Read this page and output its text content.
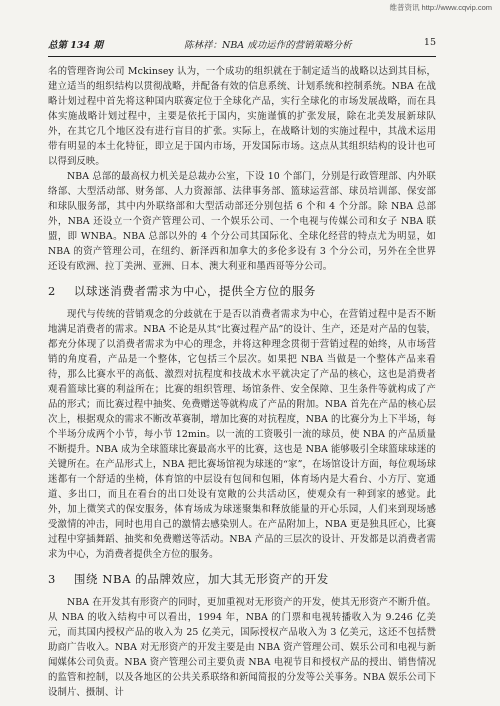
维普资讯 http://www.cqvip.com
总第 134 期	陈林祥：NBA 成功运作的营销策略分析	15

名的管理咨询公司 Mckinsey 认为，一个成功的组织就在于制定适当的战略以达到其目标，建立适当的组织结构以贯彻战略，并配备有效的信息系统、计划系统和控制系统。NBA 在战略计划过程中首先将这种国内联赛定位于全球化产品，实行全球化的市场发展战略，而在具体实施战略计划过程中，主要是依托于国内，实施谨慎的扩张发展，除在北美发展新球队外，在其它几个地区没有进行盲目的扩张。实际上，在战略计划的实施过程中，其战术运用带有明显的本土化特征，即立足于国内市场，开发国际市场。这点从其组织结构的设计也可以得到反映。

NBA 总部的最高权力机关是总裁办公室，下设 10 个部门，分别是行政管理部、内外联络部、大型活动部、财务部、人力资源部、法律事务部、篮球运营部、球员培训部、保安部和球队服务部，其中内外联络部和大型活动部还分别包括 6 个和 4 个分部。除 NBA 总部外，NBA 还设立一个资产管理公司、一个娱乐公司、一个电视与传媒公司和女子 NBA 联盟，即 WNBA。NBA 总部以外的 4 个分公司其国际化、全球化经营的特点尤为明显，如 NBA 的资产管理公司，在纽约、新泽西和加拿大的多伦多设有 3 个分公司，另外在全世界还设有欧洲、拉丁美洲、亚洲、日本、澳大利亚和墨西哥等分公司。

2 以球迷消费者需求为中心，提供全方位的服务

现代与传统的营销观念的分歧就在于是否以消费者需求为中心，在营销过程中是否不断地满足消费者的需求。NBA 不论是从其“比赛过程产品”的设计、生产，还是对产品的包装，都充分体现了以消费者需求为中心的理念，并将这种理念贯彻于营销过程的始终，从市场营销的角度看，产品是一个整体，它包括三个层次。如果把 NBA 当做是一个整体产品来看待，那么比赛水平的高低、激烈对抗程度和技战术水平就决定了产品的核心，这也是消费者观看篮球比赛的利益所在；比赛的组织管理、场馆条件、安全保障、卫生条件等就构成了产品的形式；而比赛过程中抽奖、免费赠送等就构成了产品的附加。NBA 首先在产品的核心层次上，根据观众的需求不断改革赛制，增加比赛的对抗程度，NBA 的比赛分为上下半场，每个半场分成两个小节，每小节 12min。以一流的工资吸引一流的球员，使 NBA 的产品质量不断提升。NBA 成为全球篮球比赛最高水平的比赛，这也是 NBA 能够吸引全球篮球球迷的关键所在。在产品形式上，NBA 把比赛场馆视为球迷的“家”，在场馆设计方面，每位观场球迷都有一个舒适的坐椅，体育馆的中层设有包间和包厢，体育场内是大看台、小方厅、宽通道、多出口，而且在看台的出口处设有宽敞的公共活动区，使观众有一种到家的感觉。此外，加上微笑式的保安服务，体育场成为球迷聚集和释放能量的开心乐园，人们来到现场感受激情的冲击，同时也用自己的激情去感染别人。在产品附加上，NBA 更是独具匠心，比赛过程中穿插舞蹈、抽奖和免费赠送等活动。NBA 产品的三层次的设计、开发都是以消费者需求为中心，为消费者提供全方位的服务。

3 围绕 NBA 的品牌效应，加大其无形资产的开发

NBA 在开发其有形资产的同时，更加重视对无形资产的开发，使其无形资产不断升值。从 NBA 的收入结构中可以看出，1994 年，NBA 的门票和电视转播收入为 9.246 亿美元，而其国内授权产品的收入为 25 亿美元，国际授权产品收入为 3 亿美元，这还不包括赞助商广告收入。NBA 对无形资产的开发主要是由 NBA 资产管理公司、娱乐公司和电视与新闻媒体公司负责。NBA 资产管理公司主要负责 NBA 电视节目和授权产品的授出、销售情况的监管和控制，以及各地区的公共关系联络和新闻简报的分发等公关事务。NBA 娱乐公司下设制片、摄制、计
